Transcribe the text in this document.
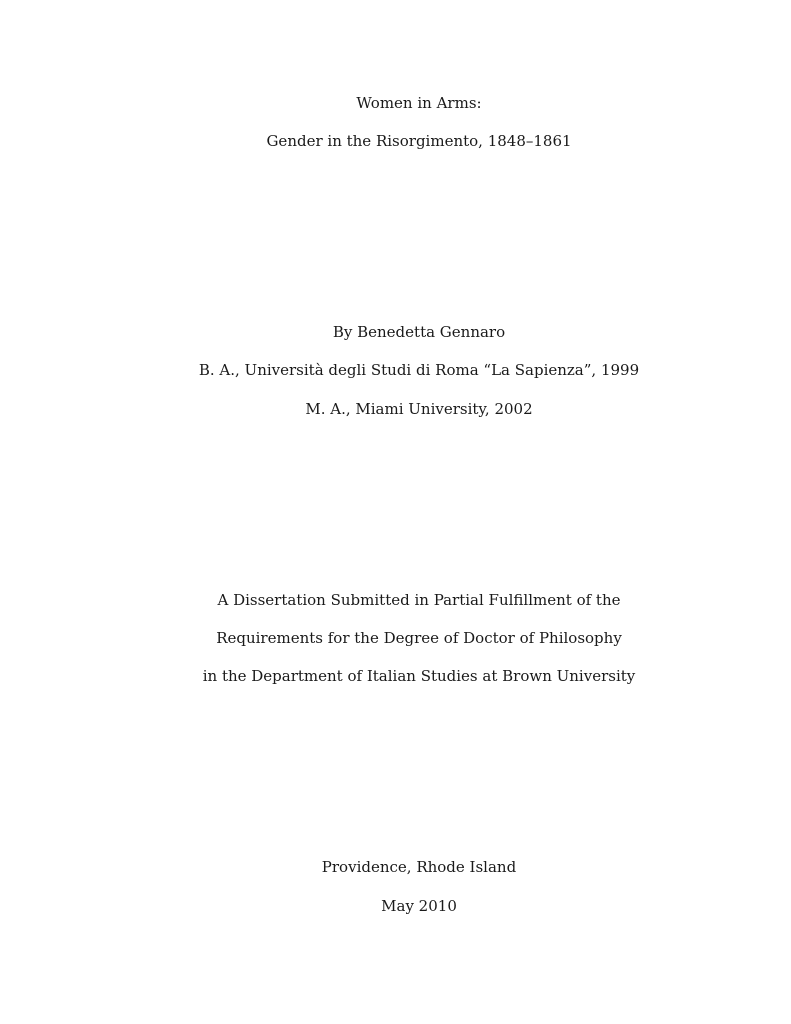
Women in Arms:
Gender in the Risorgimento, 1848–1861
By Benedetta Gennaro
B. A., Università degli Studi di Roma “La Sapienza”, 1999
M. A., Miami University, 2002
A Dissertation Submitted in Partial Fulfillment of the
Requirements for the Degree of Doctor of Philosophy
in the Department of Italian Studies at Brown University
Providence, Rhode Island
May 2010
